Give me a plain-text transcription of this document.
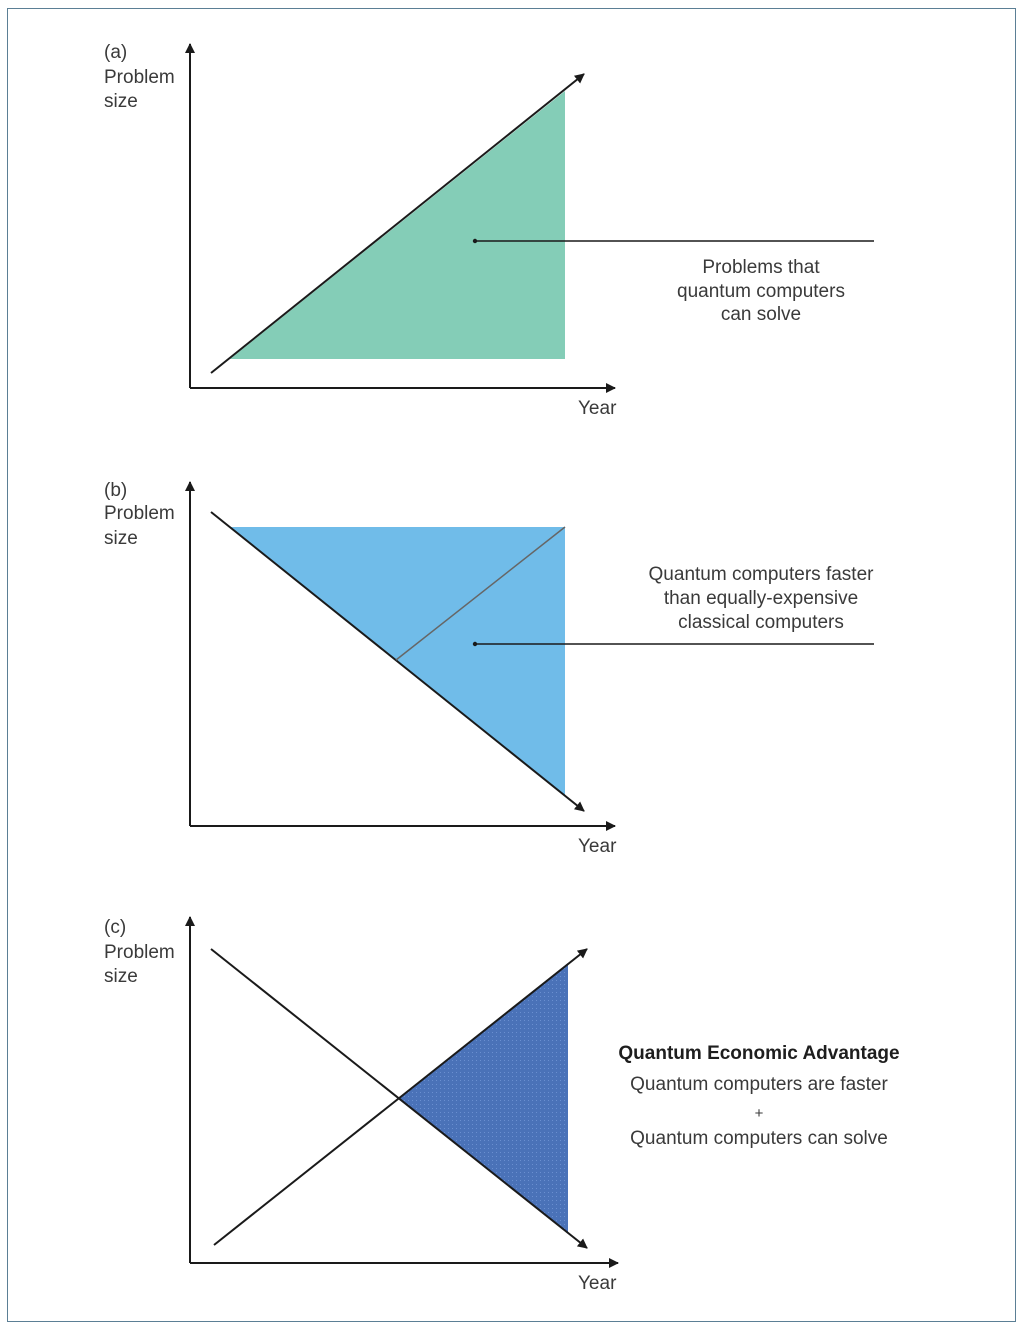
(a)
Problem
size
Problems that
quantum computers
can solve
Year
(b)
Problem
size
Quantum computers faster
than equally-expensive
classical computers
Year
(c)
Problem
size
Quantum Economic Advantage
Quantum computers are faster
+
Quantum computers can solve
Year
